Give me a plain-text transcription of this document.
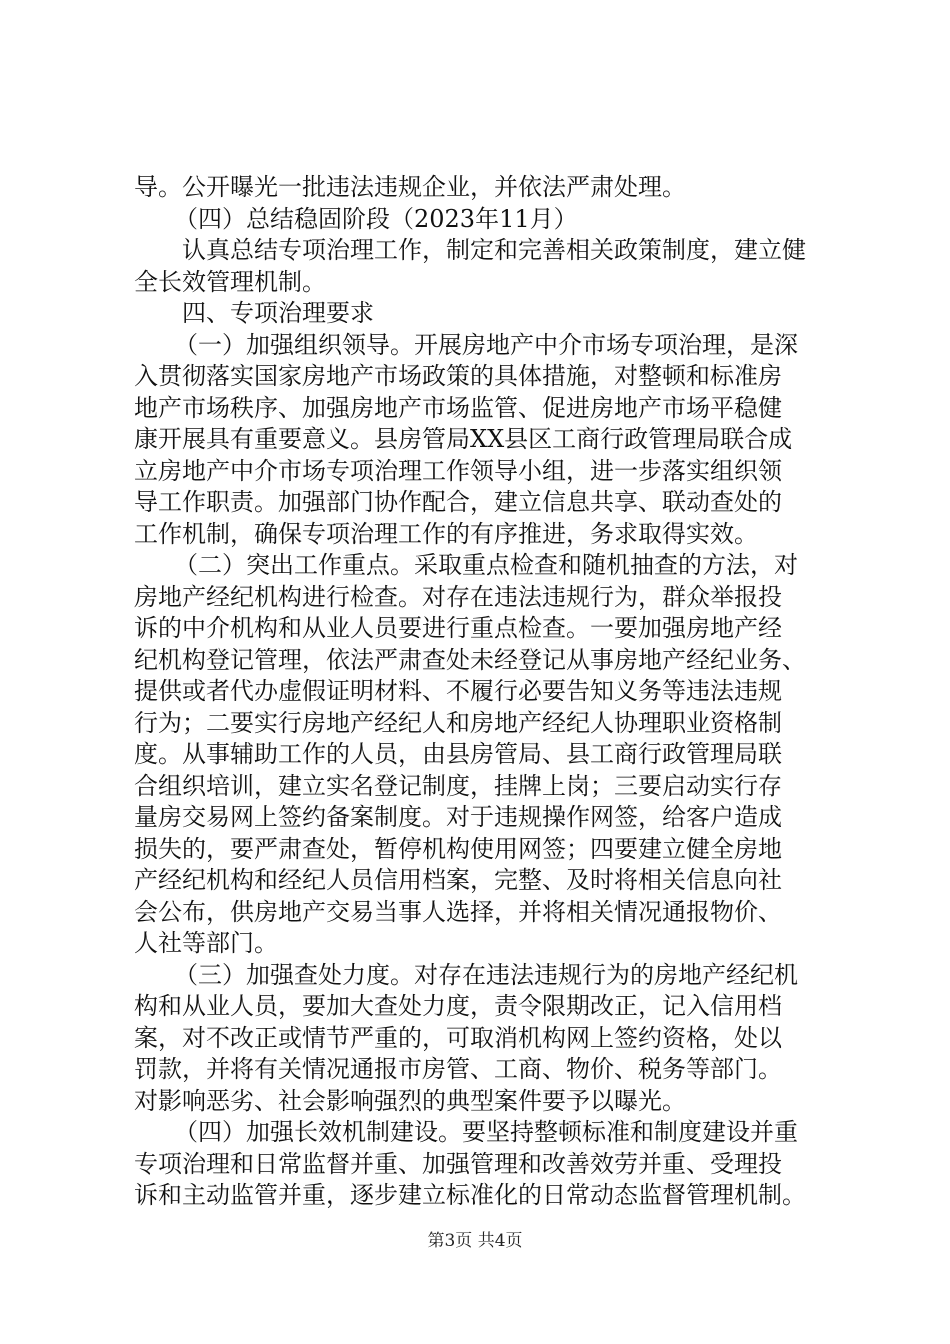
导。公开曝光一批违法违规企业，并依法严肃处理。
（四）总结稳固阶段（2023年11月）
认真总结专项治理工作，制定和完善相关政策制度，建立健
全长效管理机制。
四、专项治理要求
（一）加强组织领导。开展房地产中介市场专项治理，是深
入贯彻落实国家房地产市场政策的具体措施，对整顿和标准房
地产市场秩序、加强房地产市场监管、促进房地产市场平稳健
康开展具有重要意义。县房管局XX县区工商行政管理局联合成
立房地产中介市场专项治理工作领导小组，进一步落实组织领
导工作职责。加强部门协作配合，建立信息共享、联动查处的
工作机制，确保专项治理工作的有序推进，务求取得实效。
（二）突出工作重点。采取重点检查和随机抽查的方法，对
房地产经纪机构进行检查。对存在违法违规行为，群众举报投
诉的中介机构和从业人员要进行重点检查。一要加强房地产经
纪机构登记管理，依法严肃查处未经登记从事房地产经纪业务、
提供或者代办虚假证明材料、不履行必要告知义务等违法违规
行为；二要实行房地产经纪人和房地产经纪人协理职业资格制
度。从事辅助工作的人员，由县房管局、县工商行政管理局联
合组织培训，建立实名登记制度，挂牌上岗；三要启动实行存
量房交易网上签约备案制度。对于违规操作网签，给客户造成
损失的，要严肃查处，暂停机构使用网签；四要建立健全房地
产经纪机构和经纪人员信用档案，完整、及时将相关信息向社
会公布，供房地产交易当事人选择，并将相关情况通报物价、
人社等部门。
（三）加强查处力度。对存在违法违规行为的房地产经纪机
构和从业人员，要加大查处力度，责令限期改正，记入信用档
案，对不改正或情节严重的，可取消机构网上签约资格，处以
罚款，并将有关情况通报市房管、工商、物价、税务等部门。
对影响恶劣、社会影响强烈的典型案件要予以曝光。
（四）加强长效机制建设。要坚持整顿标准和制度建设并重
专项治理和日常监督并重、加强管理和改善效劳并重、受理投
诉和主动监管并重，逐步建立标准化的日常动态监督管理机制。
第3页 共4页
